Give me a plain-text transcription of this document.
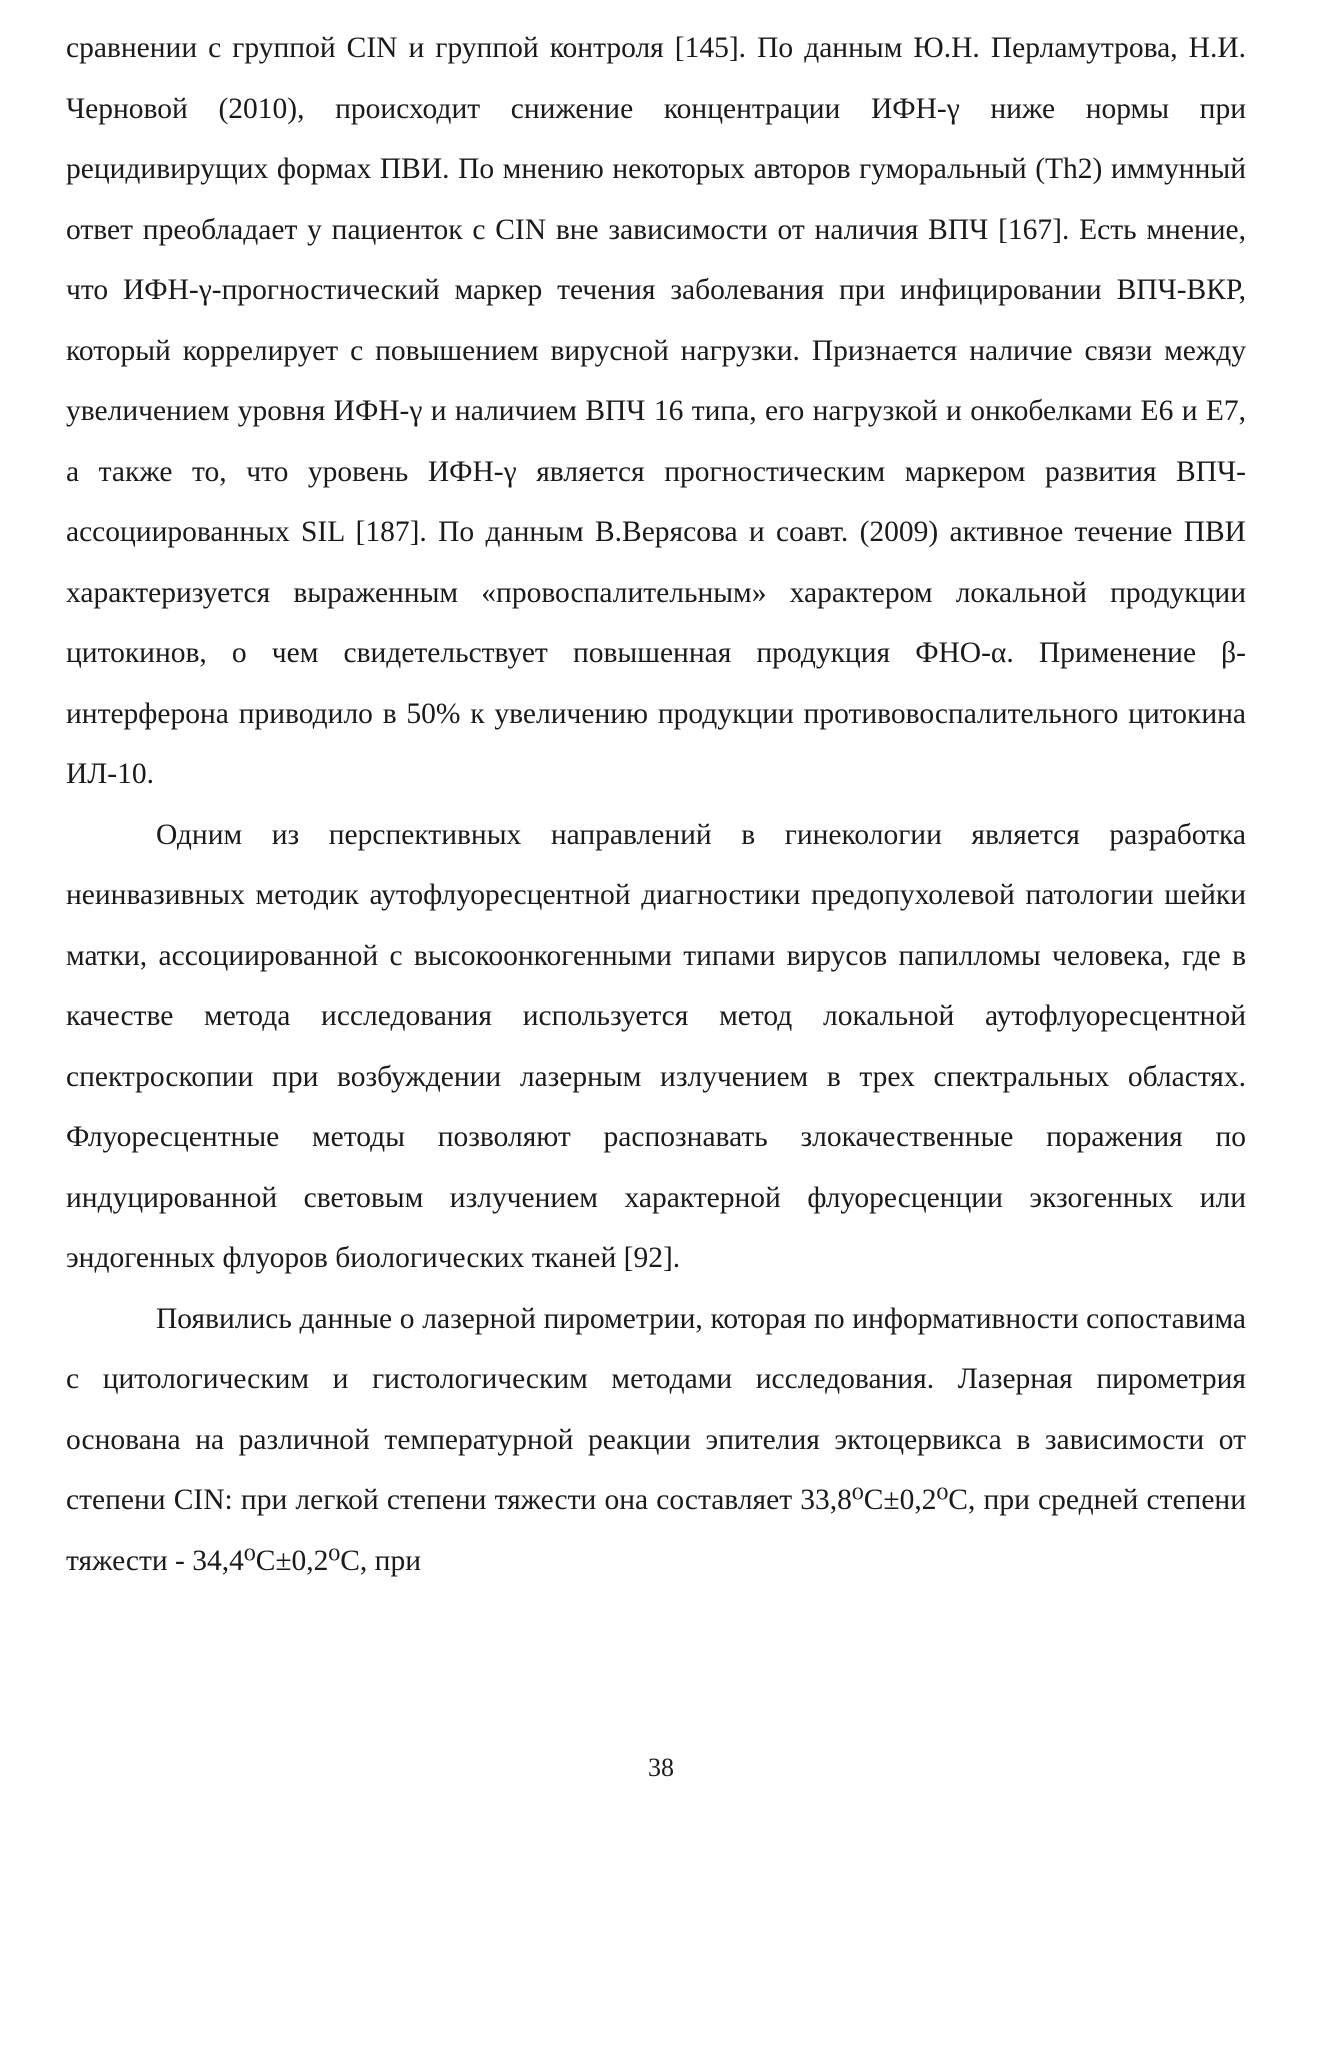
сравнении с группой CIN и группой контроля [145]. По данным Ю.Н. Перламутрова, Н.И. Черновой (2010), происходит снижение концентрации ИФН-γ ниже нормы при рецидивирущих формах ПВИ. По мнению некоторых авторов гуморальный (Th2) иммунный ответ преобладает у пациенток с CIN вне зависимости от наличия ВПЧ [167]. Есть мнение, что ИФН-γ-прогностический маркер течения заболевания при инфицировании ВПЧ-ВКР, который коррелирует с повышением вирусной нагрузки. Признается наличие связи между увеличением уровня ИФН-γ и наличием ВПЧ 16 типа, его нагрузкой и онкобелками Е6 и Е7, а также то, что уровень ИФН-γ является прогностическим маркером развития ВПЧ-ассоциированных SIL [187]. По данным В.Верясова и соавт. (2009) активное течение ПВИ характеризуется выраженным «провоспалительным» характером локальной продукции цитокинов, о чем свидетельствует повышенная продукция ФНО-α. Применение β-интерферона приводило в 50% к увеличению продукции противовоспалительного цитокина ИЛ-10.

Одним из перспективных направлений в гинекологии является разработка неинвазивных методик аутофлуоресцентной диагностики предопухолевой патологии шейки матки, ассоциированной с высокоонкогенными типами вирусов папилломы человека, где в качестве метода исследования используется метод локальной аутофлуоресцентной спектроскопии при возбуждении лазерным излучением в трех спектральных областях. Флуоресцентные методы позволяют распознавать злокачественные поражения по индуцированной световым излучением характерной флуоресценции экзогенных или эндогенных флуоров биологических тканей [92].

Появились данные о лазерной пирометрии, которая по информативности сопоставима с цитологическим и гистологическим методами исследования. Лазерная пирометрия основана на различной температурной реакции эпителия эктоцервикса в зависимости от степени CIN: при легкой степени тяжести она составляет 33,8⁰С±0,2⁰С, при средней степени тяжести - 34,4⁰С±0,2⁰С, при

38
